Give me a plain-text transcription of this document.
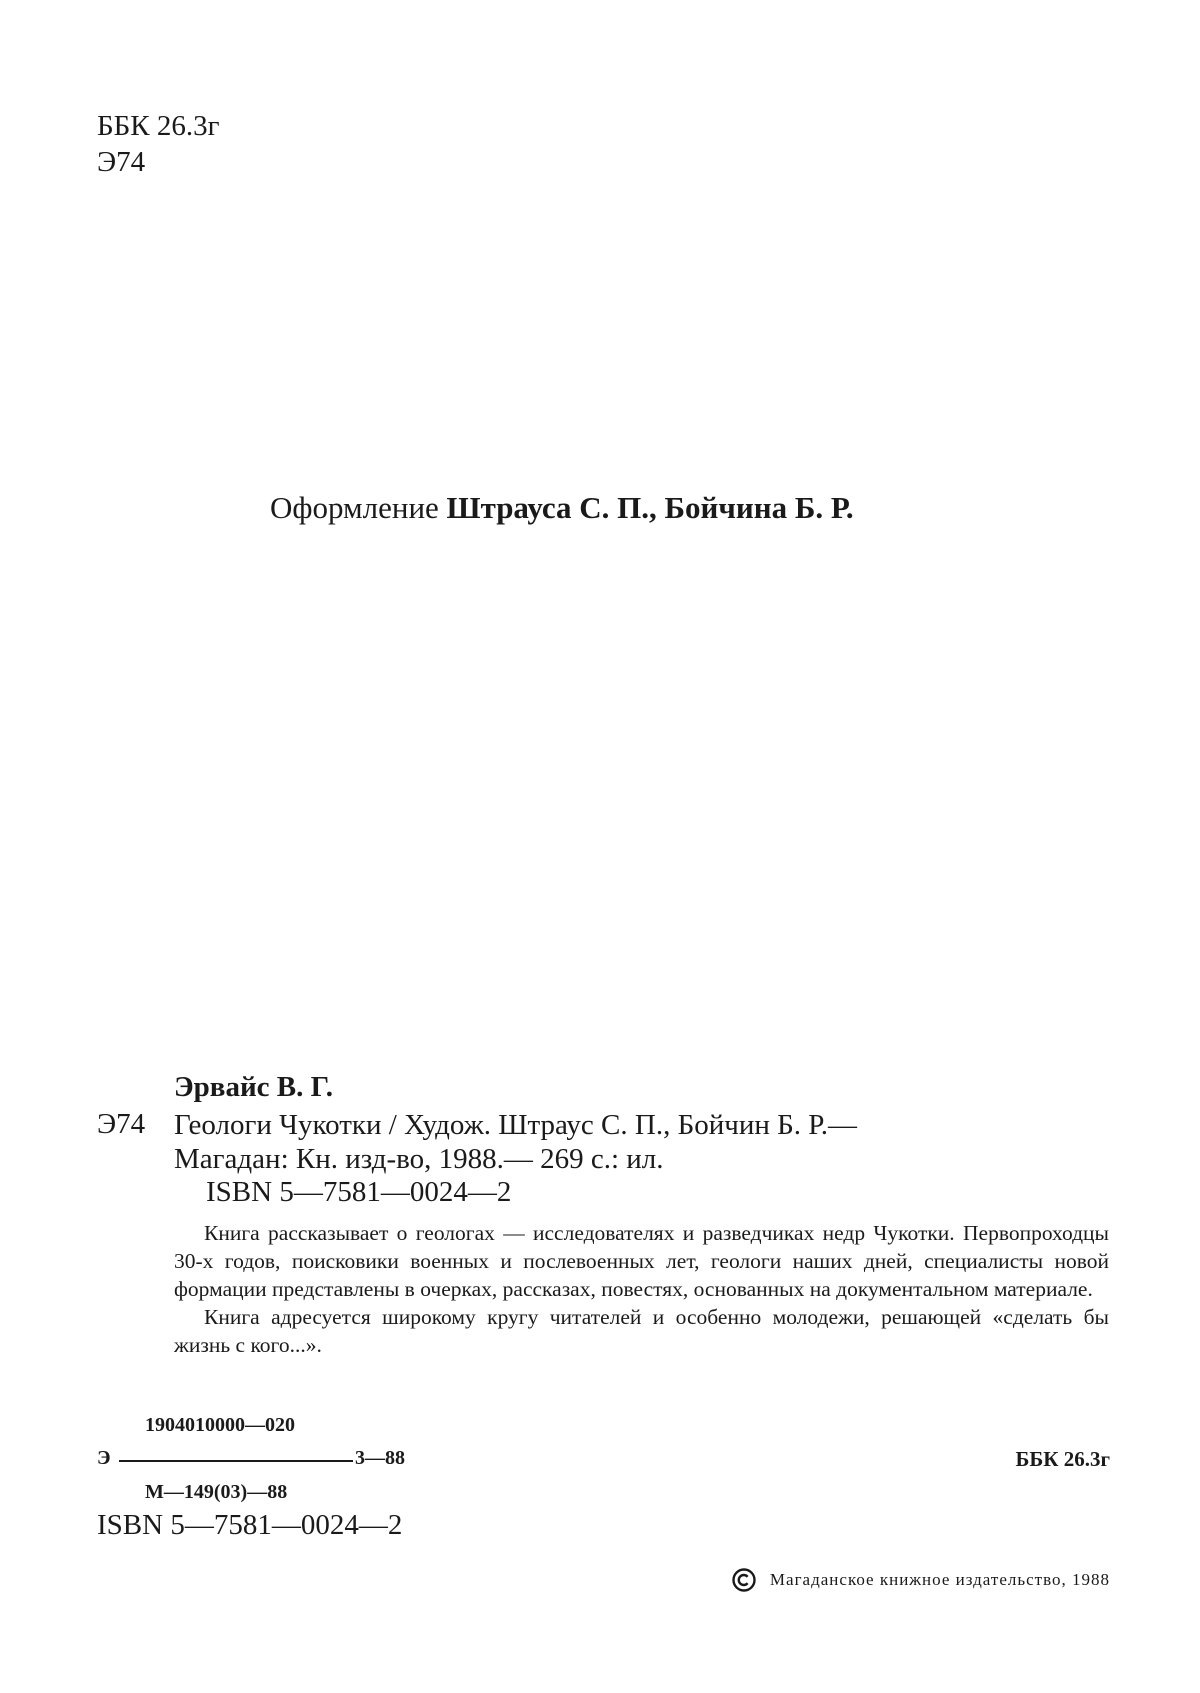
ББК 26.3г
Э74
Оформление Штрауса С. П., Бойчина Б. Р.
Эрвайс В. Г.
Э74 Геологи Чукотки / Худож. Штраус С. П., Бойчин Б. Р.—
Магадан: Кн. изд-во, 1988.— 269 с.: ил.
ISBN 5—7581—0024—2

Книга рассказывает о геологах — исследователях и разведчиках недр Чукотки. Первопроходцы 30-х годов, поисковики военных и послевоенных лет, геологи наших дней, специалисты новой формации представлены в очерках, рассказах, повестях, основанных на документальном материале.

Книга адресуется широкому кругу читателей и особенно молодежи, решающей «сделать бы жизнь с кого...».

1904010000—020
Э	3—88
М—149(03)—88
ББК 26.3г
ISBN 5—7581—0024—2
Магаданское книжное издательство, 1988
